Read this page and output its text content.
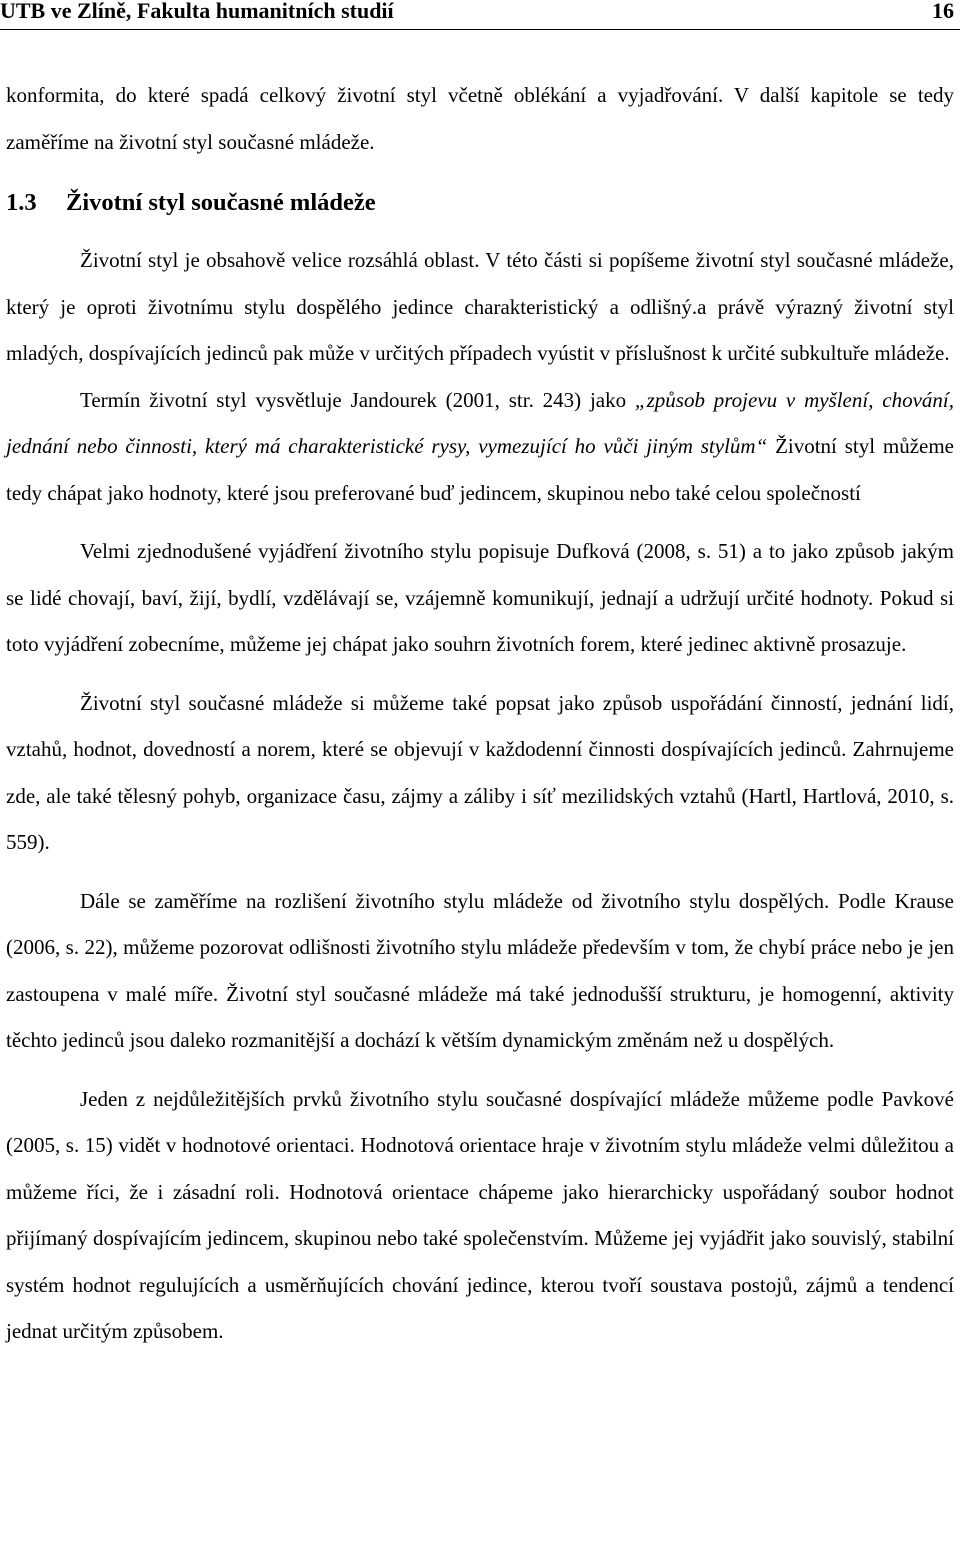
UTB ve Zlíně, Fakulta humanitních studií	16

konformita, do které spadá celkový životní styl včetně oblékání a vyjadřování. V další kapitole se tedy zaměříme na životní styl současné mládeže.

1.3 Životní styl současné mládeže

Životní styl je obsahově velice rozsáhlá oblast. V této části si popíšeme životní styl současné mládeže, který je oproti životnímu stylu dospělého jedince charakteristický a odlišný.a právě výrazný životní styl mladých, dospívajících jedinců pak může v určitých případech vyústit v příslušnost k určité subkultuře mládeže.

Termín životní styl vysvětluje Jandourek (2001, str. 243) jako „způsob projevu v myšlení, chování, jednání nebo činnosti, který má charakteristické rysy, vymezující ho vůči jiným stylům“ Životní styl můžeme tedy chápat jako hodnoty, které jsou preferované buď jedincem, skupinou nebo také celou společností

Velmi zjednodušené vyjádření životního stylu popisuje Dufková (2008, s. 51) a to jako způsob jakým se lidé chovají, baví, žijí, bydlí, vzdělávají se, vzájemně komunikují, jednají a udržují určité hodnoty. Pokud si toto vyjádření zobecníme, můžeme jej chápat jako souhrn životních forem, které jedinec aktivně prosazuje.

Životní styl současné mládeže si můžeme také popsat jako způsob uspořádání činností, jednání lidí, vztahů, hodnot, dovedností a norem, které se objevují v každodenní činnosti dospívajících jedinců. Zahrnujeme zde, ale také tělesný pohyb, organizace času, zájmy a záliby i síť mezilidských vztahů (Hartl, Hartlová, 2010, s. 559).

Dále se zaměříme na rozlišení životního stylu mládeže od životního stylu dospělých. Podle Krause (2006, s. 22), můžeme pozorovat odlišnosti životního stylu mládeže především v tom, že chybí práce nebo je jen zastoupena v malé míře. Životní styl současné mládeže má také jednodušší strukturu, je homogenní, aktivity těchto jedinců jsou daleko rozmanitější a dochází k větším dynamickým změnám než u dospělých.

Jeden z nejdůležitějších prvků životního stylu současné dospívající mládeže můžeme podle Pavkové (2005, s. 15) vidět v hodnotové orientaci. Hodnotová orientace hraje v životním stylu mládeže velmi důležitou a můžeme říci, že i zásadní roli. Hodnotová orientace chápeme jako hierarchicky uspořádaný soubor hodnot přijímaný dospívajícím jedincem, skupinou nebo také společenstvím. Můžeme jej vyjádřit jako souvislý, stabilní systém hodnot regulujících a usměrňujících chování jedince, kterou tvoří soustava postojů, zájmů a tendencí jednat určitým způsobem.
